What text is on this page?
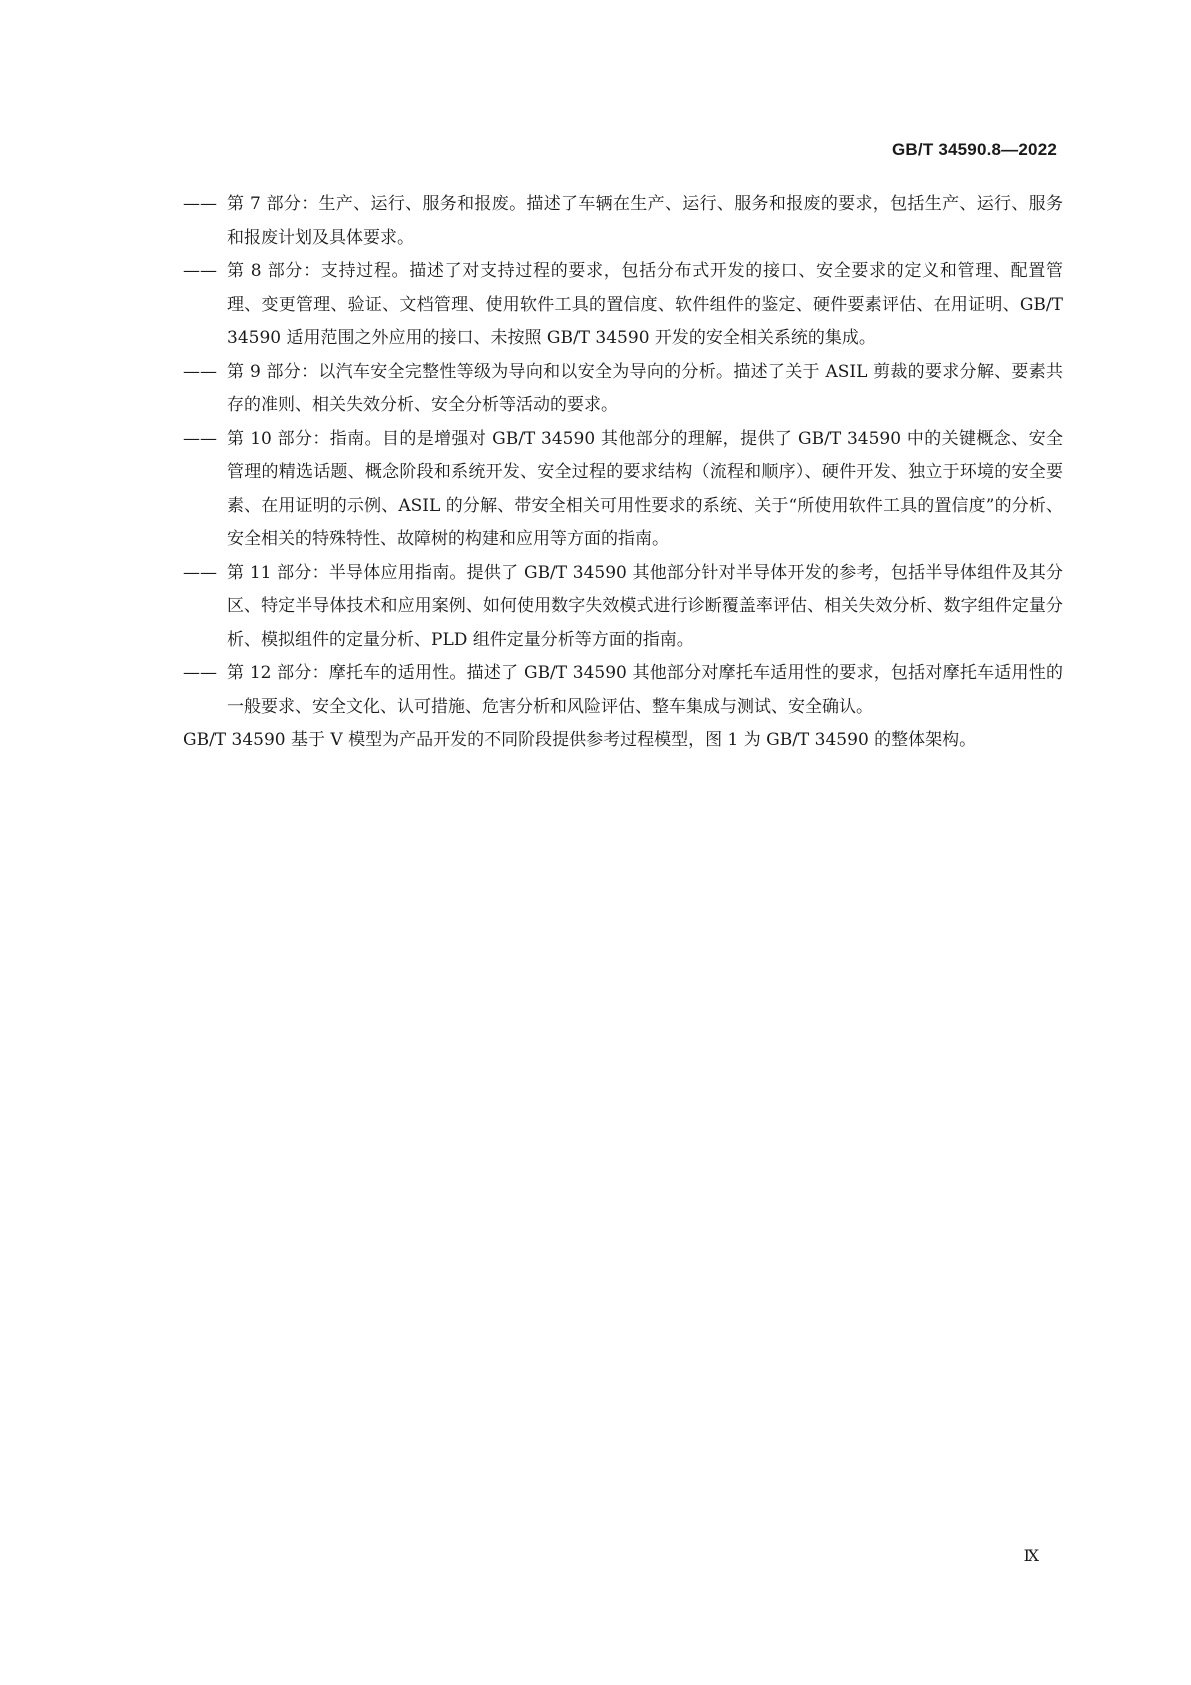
GB/T 34590.8—2022
—— 第 7 部分：生产、运行、服务和报废。描述了车辆在生产、运行、服务和报废的要求，包括生产、运行、服务和报废计划及具体要求。
—— 第 8 部分：支持过程。描述了对支持过程的要求，包括分布式开发的接口、安全要求的定义和管理、配置管理、变更管理、验证、文档管理、使用软件工具的置信度、软件组件的鉴定、硬件要素评估、在用证明、GB/T 34590 适用范围之外应用的接口、未按照 GB/T 34590 开发的安全相关系统的集成。
—— 第 9 部分：以汽车安全完整性等级为导向和以安全为导向的分析。描述了关于 ASIL 剪裁的要求分解、要素共存的准则、相关失效分析、安全分析等活动的要求。
—— 第 10 部分：指南。目的是增强对 GB/T 34590 其他部分的理解，提供了 GB/T 34590 中的关键概念、安全管理的精选话题、概念阶段和系统开发、安全过程的要求结构（流程和顺序）、硬件开发、独立于环境的安全要素、在用证明的示例、ASIL 的分解、带安全相关可用性要求的系统、关于“所使用软件工具的置信度”的分析、安全相关的特殊特性、故障树的构建和应用等方面的指南。
—— 第 11 部分：半导体应用指南。提供了 GB/T 34590 其他部分针对半导体开发的参考，包括半导体组件及其分区、特定半导体技术和应用案例、如何使用数字失效模式进行诊断覆盖率评估、相关失效分析、数字组件定量分析、模拟组件的定量分析、PLD 组件定量分析等方面的指南。
—— 第 12 部分：摩托车的适用性。描述了 GB/T 34590 其他部分对摩托车适用性的要求，包括对摩托车适用性的一般要求、安全文化、认可措施、危害分析和风险评估、整车集成与测试、安全确认。
GB/T 34590 基于 V 模型为产品开发的不同阶段提供参考过程模型，图 1 为 GB/T 34590 的整体架构。
Ⅸ
